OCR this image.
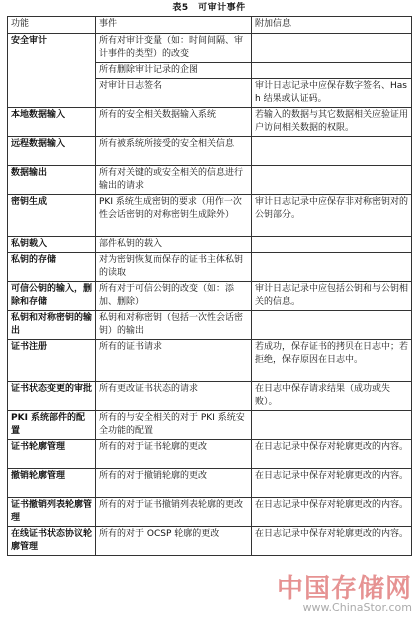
表5　可审计事件
功能	事件	附加信息
安全审计	所有对审计变量（如：时间间隔、审计事件的类型）的改变	
	所有删除审计记录的企图	
	对审计日志签名	审计日志记录中应保存数字签名、Hash 结果或认证码。
本地数据输入	所有的安全相关数据输入系统	若输入的数据与其它数据相关应验证用户访问相关数据的权限。
远程数据输入	所有被系统所接受的安全相关信息	
数据输出	所有对关键的或安全相关的信息进行输出的请求	
密钥生成	PKI 系统生成密钥的要求（用作一次性会话密钥的对称密钥生成除外）	审计日志记录中应保存非对称密钥对的公钥部分。
私钥载入	部件私钥的载入	
私钥的存储	对为密钥恢复而保存的证书主体私钥的读取	
可信公钥的输入，删除和存储	所有对于可信公钥的改变（如：添加、删除）	审计日志记录中应包括公钥和与公钥相关的信息。
私钥和对称密钥的输出	私钥和对称密钥（包括一次性会话密钥）的输出	
证书注册	所有的证书请求	若成功，保存证书的拷贝在日志中；若拒绝，保存原因在日志中。
证书状态变更的审批	所有更改证书状态的请求	在日志中保存请求结果（成功或失败）。
PKI 系统部件的配置	所有的与安全相关的对于 PKI 系统安全功能的配置	
证书轮廓管理	所有的对于证书轮廓的更改	在日志记录中保存对轮廓更改的内容。
撤销轮廓管理	所有的对于撤销轮廓的更改	在日志记录中保存对轮廓更改的内容。
证书撤销列表轮廓管理	所有的对于证书撤销列表轮廓的更改	在日志记录中保存对轮廓更改的内容。
在线证书状态协议轮廓管理	所有的对于 OCSP 轮廓的更改	在日志记录中保存对轮廓更改的内容。
中国存储网
www.ChinaStor.com
